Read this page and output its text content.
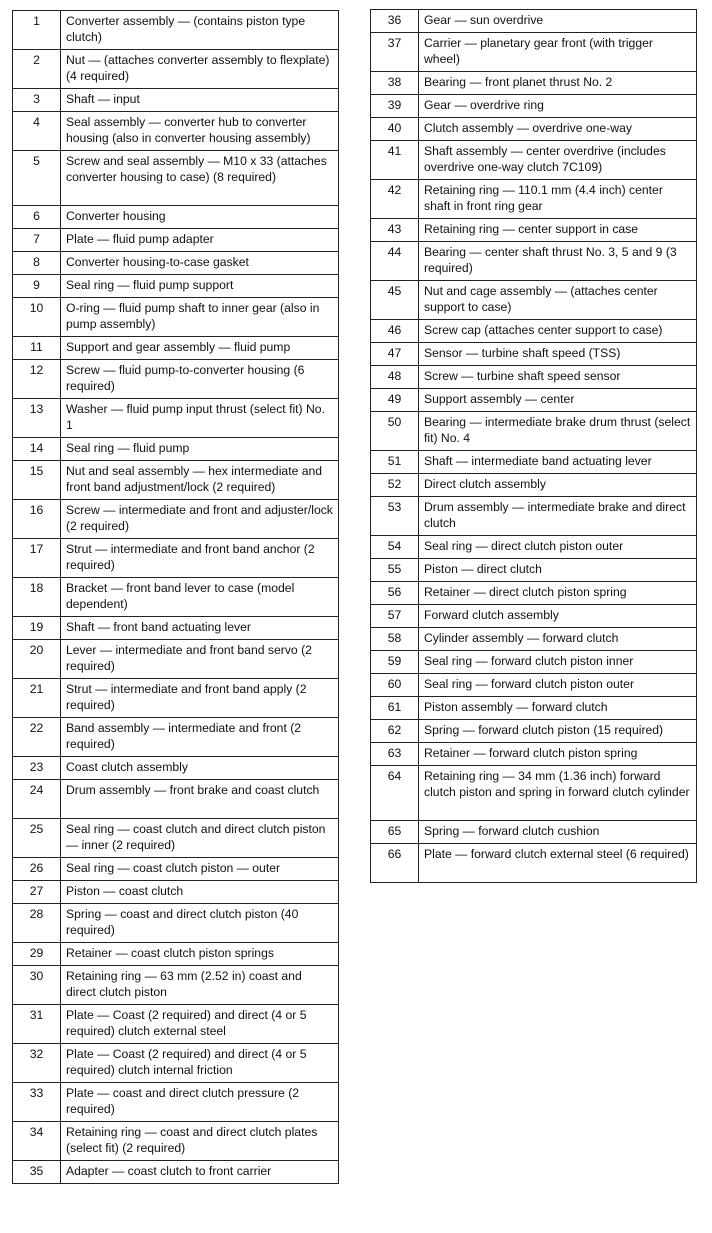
1	Converter assembly — (contains piston type clutch)
2	Nut — (attaches converter assembly to flexplate) (4 required)
3	Shaft — input
4	Seal assembly — converter hub to converter housing (also in converter housing assembly)
5	Screw and seal assembly — M10 x 33 (attaches converter housing to case) (8 required)
6	Converter housing
7	Plate — fluid pump adapter
8	Converter housing-to-case gasket
9	Seal ring — fluid pump support
10	O-ring — fluid pump shaft to inner gear (also in pump assembly)
11	Support and gear assembly — fluid pump
12	Screw — fluid pump-to-converter housing (6 required)
13	Washer — fluid pump input thrust (select fit) No. 1
14	Seal ring — fluid pump
15	Nut and seal assembly — hex intermediate and front band adjustment/lock (2 required)
16	Screw — intermediate and front and adjuster/lock (2 required)
17	Strut — intermediate and front band anchor (2 required)
18	Bracket — front band lever to case (model dependent)
19	Shaft — front band actuating lever
20	Lever — intermediate and front band servo (2 required)
21	Strut — intermediate and front band apply (2 required)
22	Band assembly — intermediate and front (2 required)
23	Coast clutch assembly
24	Drum assembly — front brake and coast clutch
25	Seal ring — coast clutch and direct clutch piston — inner (2 required)
26	Seal ring — coast clutch piston — outer
27	Piston — coast clutch
28	Spring — coast and direct clutch piston (40 required)
29	Retainer — coast clutch piston springs
30	Retaining ring — 63 mm (2.52 in) coast and direct clutch piston
31	Plate — Coast (2 required) and direct (4 or 5 required) clutch external steel
32	Plate — Coast (2 required) and direct (4 or 5 required) clutch internal friction
33	Plate — coast and direct clutch pressure (2 required)
34	Retaining ring — coast and direct clutch plates (select fit) (2 required)
35	Adapter — coast clutch to front carrier
36	Gear — sun overdrive
37	Carrier — planetary gear front (with trigger wheel)
38	Bearing — front planet thrust No. 2
39	Gear — overdrive ring
40	Clutch assembly — overdrive one-way
41	Shaft assembly — center overdrive (includes overdrive one-way clutch 7C109)
42	Retaining ring — 110.1 mm (4.4 inch) center shaft in front ring gear
43	Retaining ring — center support in case
44	Bearing — center shaft thrust No. 3, 5 and 9 (3 required)
45	Nut and cage assembly — (attaches center support to case)
46	Screw cap (attaches center support to case)
47	Sensor — turbine shaft speed (TSS)
48	Screw — turbine shaft speed sensor
49	Support assembly — center
50	Bearing — intermediate brake drum thrust (select fit) No. 4
51	Shaft — intermediate band actuating lever
52	Direct clutch assembly
53	Drum assembly — intermediate brake and direct clutch
54	Seal ring — direct clutch piston outer
55	Piston — direct clutch
56	Retainer — direct clutch piston spring
57	Forward clutch assembly
58	Cylinder assembly — forward clutch
59	Seal ring — forward clutch piston inner
60	Seal ring — forward clutch piston outer
61	Piston assembly — forward clutch
62	Spring — forward clutch piston (15 required)
63	Retainer — forward clutch piston spring
64	Retaining ring — 34 mm (1.36 inch) forward clutch piston and spring in forward clutch cylinder
65	Spring — forward clutch cushion
66	Plate — forward clutch external steel (6 required)
